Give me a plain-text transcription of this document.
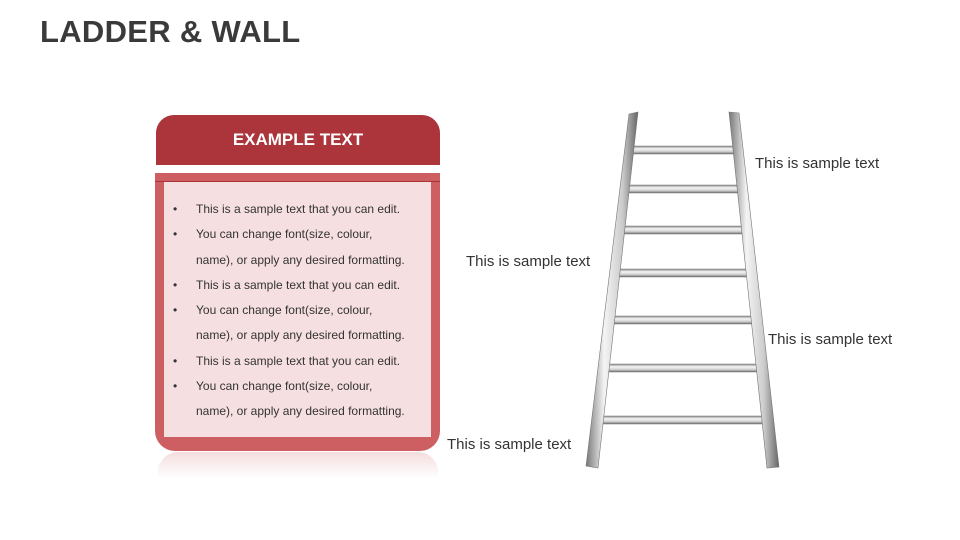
LADDER & WALL
EXAMPLE TEXT
• This is a sample text that you can edit.
• You can change font(size, colour,
name), or apply any desired formatting.
• This is a sample text that you can edit.
• You can change font(size, colour,
name), or apply any desired formatting.
• This is a sample text that you can edit.
• You can change font(size, colour,
name), or apply any desired formatting.
This is sample text
This is sample text
This is sample text
This is sample text
